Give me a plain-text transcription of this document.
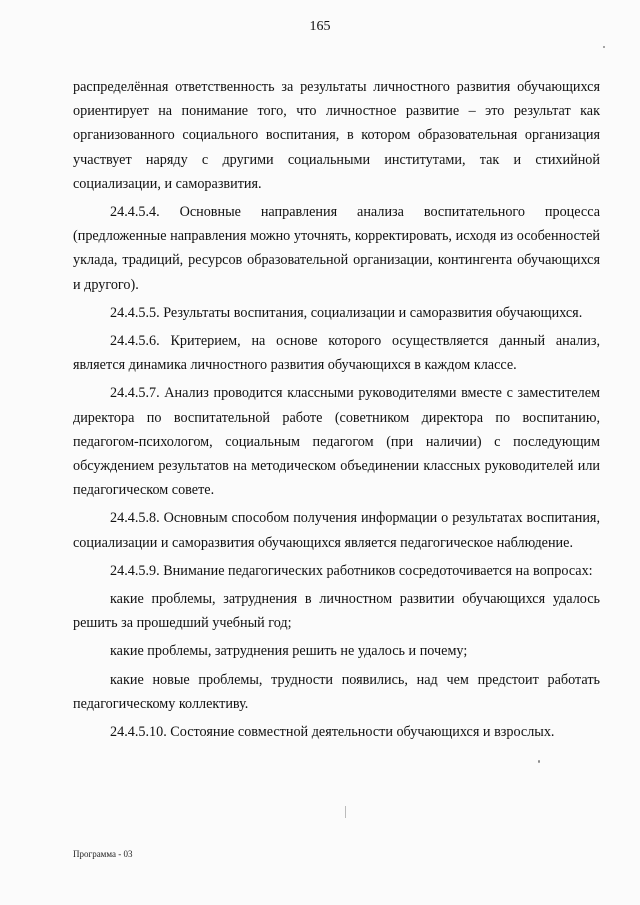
165

распределённая ответственность за результаты личностного развития обучающихся ориентирует на понимание того, что личностное развитие – это результат как организованного социального воспитания, в котором образовательная организация участвует наряду с другими социальными институтами, так и стихийной социализации, и саморазвития.

24.4.5.4. Основные направления анализа воспитательного процесса (предложенные направления можно уточнять, корректировать, исходя из особенностей уклада, традиций, ресурсов образовательной организации, контингента обучающихся и другого).

24.4.5.5. Результаты воспитания, социализации и саморазвития обучающихся.

24.4.5.6. Критерием, на основе которого осуществляется данный анализ, является динамика личностного развития обучающихся в каждом классе.

24.4.5.7. Анализ проводится классными руководителями вместе с заместителем директора по воспитательной работе (советником директора по воспитанию, педагогом-психологом, социальным педагогом (при наличии) с последующим обсуждением результатов на методическом объединении классных руководителей или педагогическом совете.

24.4.5.8. Основным способом получения информации о результатах воспитания, социализации и саморазвития обучающихся является педагогическое наблюдение.

24.4.5.9. Внимание педагогических работников сосредоточивается на вопросах:

какие проблемы, затруднения в личностном развитии обучающихся удалось решить за прошедший учебный год;

какие проблемы, затруднения решить не удалось и почему;

какие новые проблемы, трудности появились, над чем предстоит работать педагогическому коллективу.

24.4.5.10. Состояние совместной деятельности обучающихся и взрослых.

Программа - 03
